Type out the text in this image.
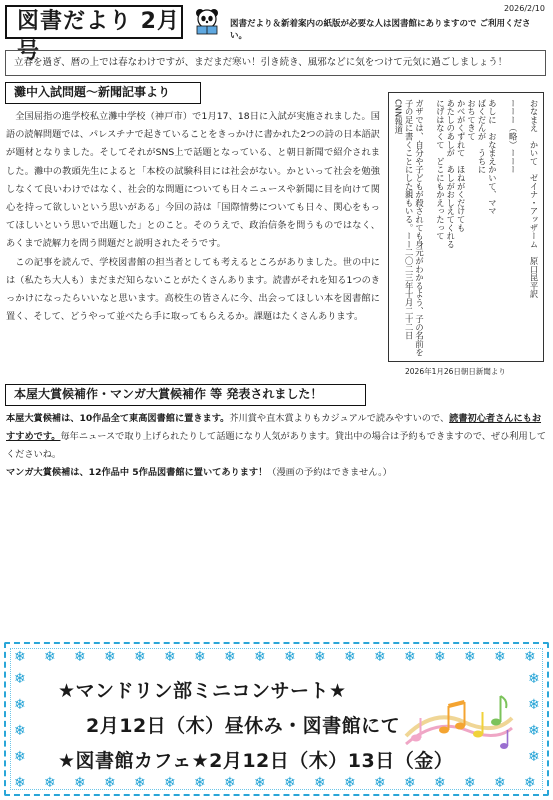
2026/2/10
図書だより 2月号
図書だより＆新着案内の紙版が必要な人は図書館にありますので ご利用ください。
立春を過ぎ、暦の上では春なわけですが、まだまだ寒い！引き続き、風邪などに気をつけて元気に過ごしましょう！
灘中入試問題～新聞記事より

全国屈指の進学校私立灘中学校（神戸市）で1月17、18日に入試が実施されました。国語の読解問題では、パレスチナで起きていることをきっかけに書かれた2つの詩の日本語訳が題材となりました。そしてそれがSNS上で話題となっている、と朝日新聞で紹介されました。灘中の教頭先生によると「本校の試験科目には社会がない。かといって社会を勉強しなくて良いわけではなく、社会的な問題についても日々ニュースや新聞に目を向けて関心を持って欲しいという思いがある」今回の詩は「国際情勢についても日々、関心をもってほしいという思いで出題した」とのこと。そのうえで、政治信条を問うものではなく、あくまで読解力を問う問題だと説明されたそうです。

この記事を読んで、学校図書館の担当者としても考えるところがありました。世の中には（私たち大人も）まだまだ知らないことがたくさんあります。読書がそれを知る1つのきっかけになったらいいなと思います。高校生の皆さんに今、出会ってほしい本を図書館に置く、そして、どうやって並べたら手に取ってもらえるか。課題はたくさんあります。

おなまえ　かいて　ゼイナ・アッザーム　原口昆平訳

ーーー（略）ーーー

あしに　おなまえかいて、ママ
ばくだんが　うちに
おちてきて
かべがくずれて　ほねがくだけても
あたしのあしが　あしがおしえてくれる
にげはなくて　どこにもかえったって

ガザでは、自分や子どもが殺されても身元がわかるよう、子の名前を子の足に書くことにした親もいる。ーー二〇二三年十月二十二日
CNN報道
2026年1月26日朝日新聞より
本屋大賞候補作・マンガ大賞候補作 等 発表されました！

本屋大賞候補は、10作品全て東高図書館に置きます。芥川賞や直木賞よりもカジュアルで読みやすいので、読書初心者さんにもおすすめです。毎年ニュースで取り上げられたりして話題になり人気があります。貸出中の場合は予約もできますので、ぜひ利用してくださいね。

マンガ大賞候補は、12作品中 5作品図書館に置いてあります！（漫画の予約はできません。）

❄
❄
❄
❄
❄
❄
❄
❄
❄
❄
❄
❄
❄
❄
❄
❄
❄
❄
❄
❄
❄
❄
❄
❄
❄
❄
❄
❄
❄
❄
❄
❄
❄
❄
❄
❄
❄	❄
❄	❄
❄	❄
❄	❄
★マンドリン部ミニコンサート★
2月12日（木）昼休み・図書館にて
★図書館カフェ★2月12日（木）13日（金）
